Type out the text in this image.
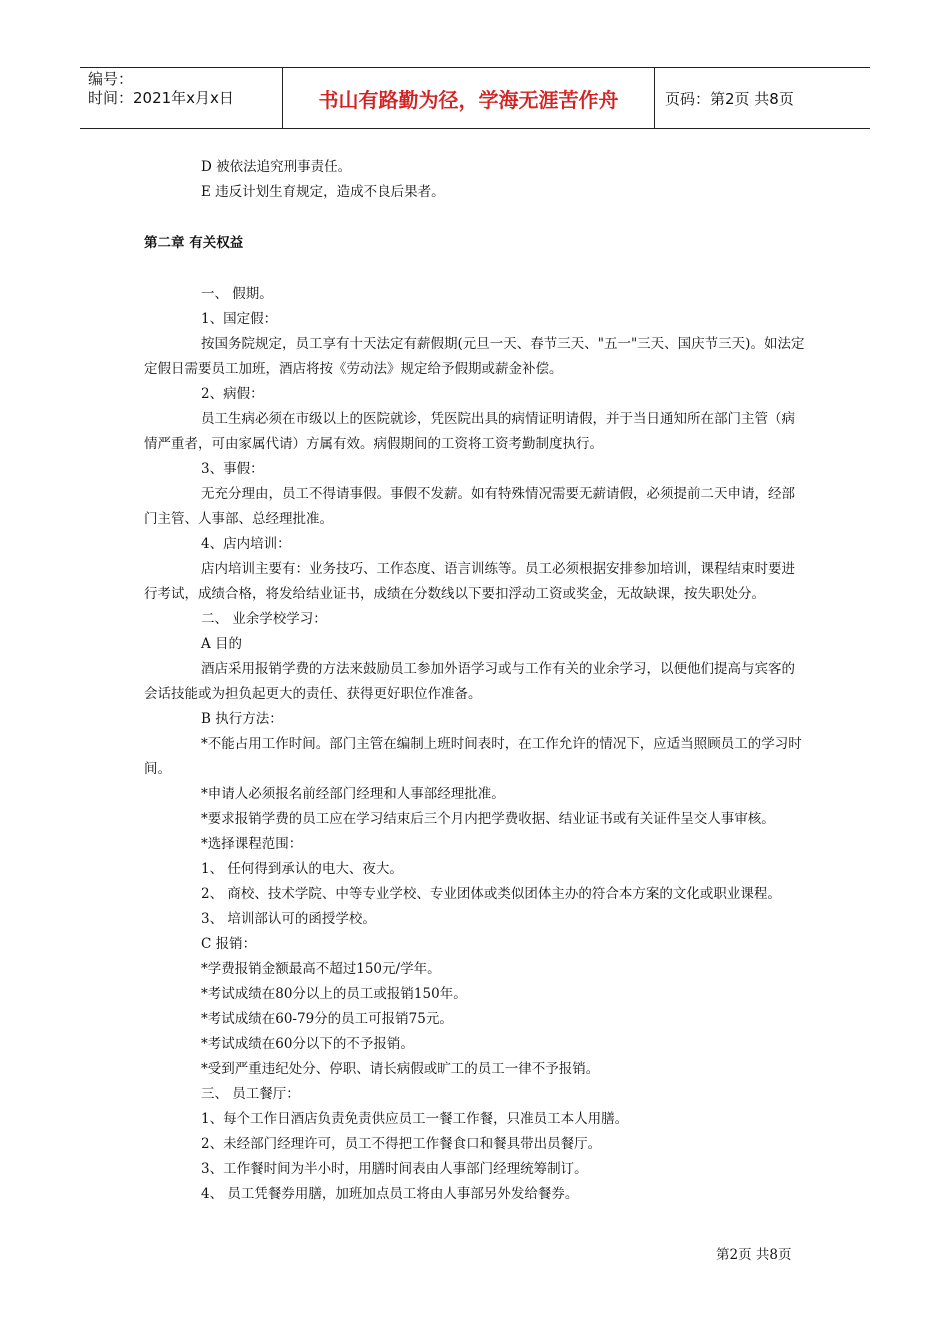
编号：
时间：2021年x月x日	书山有路勤为径，学海无涯苦作舟	页码：第2页 共8页

D 被依法追究刑事责任。

E 违反计划生育规定，造成不良后果者。

第二章 有关权益

一、 假期。

1、国定假：

按国务院规定，员工享有十天法定有薪假期(元旦一天、春节三天、"五一"三天、国庆节三天)。如法定定假日需要员工加班，酒店将按《劳动法》规定给予假期或薪金补偿。

2、病假：

员工生病必须在市级以上的医院就诊，凭医院出具的病情证明请假，并于当日通知所在部门主管（病情严重者，可由家属代请）方属有效。病假期间的工资将工资考勤制度执行。

3、事假：

无充分理由，员工不得请事假。事假不发薪。如有特殊情况需要无薪请假，必须提前二天申请，经部门主管、人事部、总经理批准。

4、店内培训：

店内培训主要有：业务技巧、工作态度、语言训练等。员工必须根据安排参加培训，课程结束时要进行考试，成绩合格，将发给结业证书，成绩在分数线以下要扣浮动工资或奖金，无故缺课，按失职处分。

二、 业余学校学习：

A 目的

酒店采用报销学费的方法来鼓励员工参加外语学习或与工作有关的业余学习，以便他们提高与宾客的会话技能或为担负起更大的责任、获得更好职位作准备。

B 执行方法：

*不能占用工作时间。部门主管在编制上班时间表时，在工作允许的情况下，应适当照顾员工的学习时间。

*申请人必须报名前经部门经理和人事部经理批准。

*要求报销学费的员工应在学习结束后三个月内把学费收据、结业证书或有关证件呈交人事审核。

*选择课程范围：

1、 任何得到承认的电大、夜大。

2、 商校、技术学院、中等专业学校、专业团体或类似团体主办的符合本方案的文化或职业课程。

3、 培训部认可的函授学校。

C 报销：

*学费报销金额最高不超过150元/学年。

*考试成绩在80分以上的员工或报销150年。

*考试成绩在60-79分的员工可报销75元。

*考试成绩在60分以下的不予报销。

*受到严重违纪处分、停职、请长病假或旷工的员工一律不予报销。

三、 员工餐厅：

1、每个工作日酒店负责免责供应员工一餐工作餐，只准员工本人用膳。

2、未经部门经理许可，员工不得把工作餐食口和餐具带出员餐厅。

3、工作餐时间为半小时，用膳时间表由人事部门经理统筹制订。

4、 员工凭餐券用膳，加班加点员工将由人事部另外发给餐券。

第2页 共8页
